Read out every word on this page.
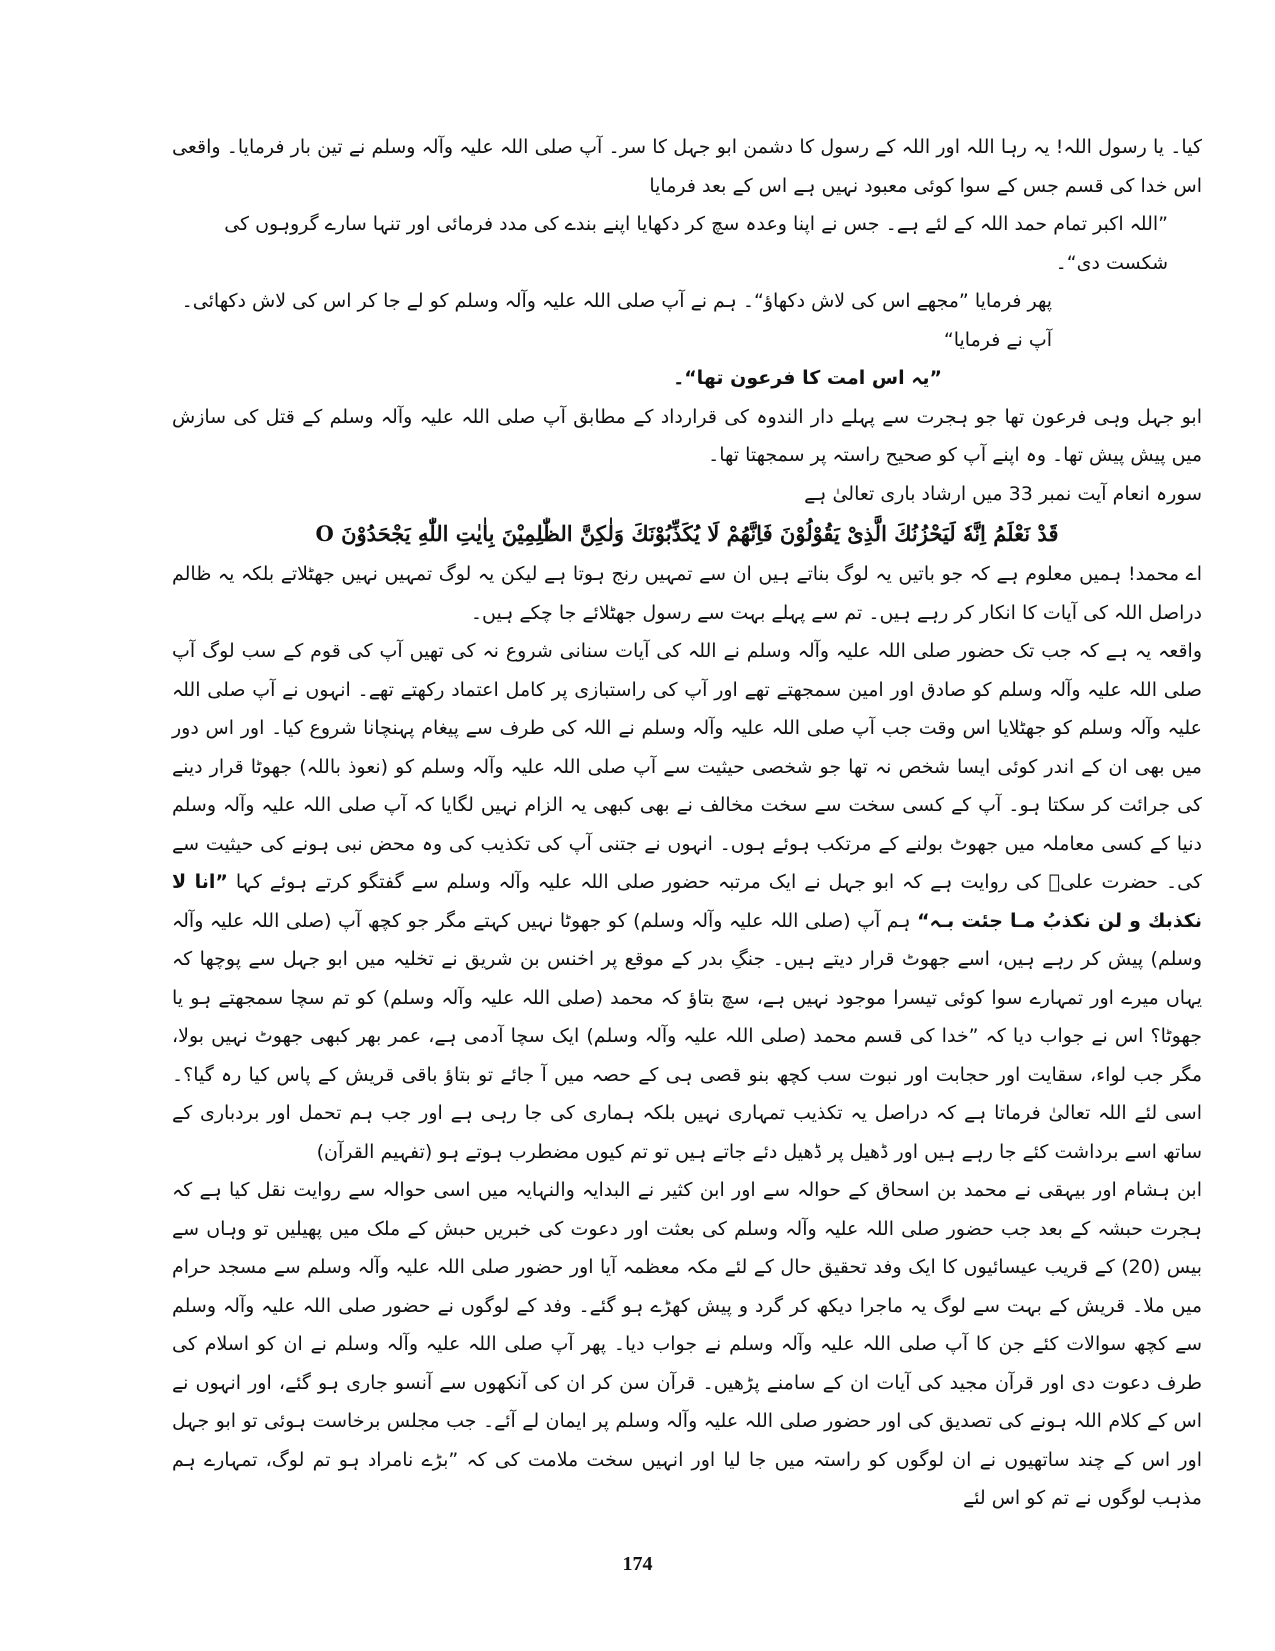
کیا۔ یا رسول اللہ! یہ رہا اللہ اور اللہ کے رسول کا دشمن ابو جہل کا سر۔ آپ صلی اللہ علیہ وآلہ وسلم نے تین بار فرمایا۔ واقعی اس خدا کی قسم جس کے سوا کوئی معبود نہیں ہے اس کے بعد فرمایا

”اللہ اکبر تمام حمد اللہ کے لئے ہے۔ جس نے اپنا وعدہ سچ کر دکھایا اپنے بندے کی مدد فرمائی اور تنہا سارے گروہوں کی شکست دی“۔

پھر فرمایا ”مجھے اس کی لاش دکھاؤ“۔ ہم نے آپ صلی اللہ علیہ وآلہ وسلم کو لے جا کر اس کی لاش دکھائی۔ آپ نے فرمایا“

”یہ اس امت کا فرعون تھا“۔

ابو جہل وہی فرعون تھا جو ہجرت سے پہلے دار الندوہ کی قرارداد کے مطابق آپ صلی اللہ علیہ وآلہ وسلم کے قتل کی سازش میں پیش پیش تھا۔ وہ اپنے آپ کو صحیح راستہ پر سمجھتا تھا۔

سورہ انعام آیت نمبر 33 میں ارشاد باری تعالیٰ ہے

قَدْ نَعْلَمُ اِنَّهٗ لَیَحْزُنُكَ الَّذِیْ یَقُوْلُوْنَ فَاِنَّهُمْ لَا یُكَذِّبُوْنَكَ وَلٰكِنَّ الظّٰلِمِیْنَ بِاٰیٰتِ اللّٰهِ یَجْحَدُوْنَ O

اے محمد! ہمیں معلوم ہے کہ جو باتیں یہ لوگ بناتے ہیں ان سے تمہیں رنج ہوتا ہے لیکن یہ لوگ تمہیں نہیں جھٹلاتے بلکہ یہ ظالم دراصل اللہ کی آیات کا انکار کر رہے ہیں۔ تم سے پہلے بہت سے رسول جھٹلائے جا چکے ہیں۔

واقعہ یہ ہے کہ جب تک حضور صلی اللہ علیہ وآلہ وسلم نے اللہ کی آیات سنانی شروع نہ کی تھیں آپ کی قوم کے سب لوگ آپ صلی اللہ علیہ وآلہ وسلم کو صادق اور امین سمجھتے تھے اور آپ کی راستبازی پر کامل اعتماد رکھتے تھے۔ انہوں نے آپ صلی اللہ علیہ وآلہ وسلم کو جھٹلایا اس وقت جب آپ صلی اللہ علیہ وآلہ وسلم نے اللہ کی طرف سے پیغام پہنچانا شروع کیا۔ اور اس دور میں بھی ان کے اندر کوئی ایسا شخص نہ تھا جو شخصی حیثیت سے آپ صلی اللہ علیہ وآلہ وسلم کو (نعوذ باللہ) جھوٹا قرار دینے کی جرائت کر سکتا ہو۔ آپ کے کسی سخت سے سخت مخالف نے بھی کبھی یہ الزام نہیں لگایا کہ آپ صلی اللہ علیہ وآلہ وسلم دنیا کے کسی معاملہ میں جھوٹ بولنے کے مرتکب ہوئے ہوں۔ انہوں نے جتنی آپ کی تکذیب کی وہ محض نبی ہونے کی حیثیت سے کی۔ حضرت علیؓ کی روایت ہے کہ ابو جہل نے ایک مرتبہ حضور صلی اللہ علیہ وآلہ وسلم سے گفتگو کرتے ہوئے کہا ”انا لا نکذبك و لن نکذبُ مـا جئت بـہ“ ہم آپ (صلی اللہ علیہ وآلہ وسلم) کو جھوٹا نہیں کہتے مگر جو کچھ آپ (صلی اللہ علیہ وآلہ وسلم) پیش کر رہے ہیں، اسے جھوٹ قرار دیتے ہیں۔ جنگِ بدر کے موقع پر اخنس بن شریق نے تخلیہ میں ابو جہل سے پوچھا کہ یہاں میرے اور تمہارے سوا کوئی تیسرا موجود نہیں ہے، سچ بتاؤ کہ محمد (صلی اللہ علیہ وآلہ وسلم) کو تم سچا سمجھتے ہو یا جھوٹا؟ اس نے جواب دیا کہ ”خدا کی قسم محمد (صلی اللہ علیہ وآلہ وسلم) ایک سچا آدمی ہے، عمر بھر کبھی جھوٹ نہیں بولا، مگر جب لواء، سقایت اور حجابت اور نبوت سب کچھ بنو قصی ہی کے حصہ میں آ جائے تو بتاؤ باقی قریش کے پاس کیا رہ گیا؟۔ اسی لئے اللہ تعالیٰ فرماتا ہے کہ دراصل یہ تکذیب تمہاری نہیں بلکہ ہماری کی جا رہی ہے اور جب ہم تحمل اور بردباری کے ساتھ اسے برداشت کئے جا رہے ہیں اور ڈھیل پر ڈھیل دئے جاتے ہیں تو تم کیوں مضطرب ہوتے ہو (تفہیم القرآن)

ابن ہشام اور بیہقی نے محمد بن اسحاق کے حوالہ سے اور ابن کثیر نے البدایہ والنہایہ میں اسی حوالہ سے روایت نقل کیا ہے کہ ہجرت حبشہ کے بعد جب حضور صلی اللہ علیہ وآلہ وسلم کی بعثت اور دعوت کی خبریں حبش کے ملک میں پھیلیں تو وہاں سے بیس (20) کے قریب عیسائیوں کا ایک وفد تحقیق حال کے لئے مکہ معظمہ آیا اور حضور صلی اللہ علیہ وآلہ وسلم سے مسجد حرام میں ملا۔ قریش کے بہت سے لوگ یہ ماجرا دیکھ کر گرد و پیش کھڑے ہو گئے۔ وفد کے لوگوں نے حضور صلی اللہ علیہ وآلہ وسلم سے کچھ سوالات کئے جن کا آپ صلی اللہ علیہ وآلہ وسلم نے جواب دیا۔ پھر آپ صلی اللہ علیہ وآلہ وسلم نے ان کو اسلام کی طرف دعوت دی اور قرآن مجید کی آیات ان کے سامنے پڑھیں۔ قرآن سن کر ان کی آنکھوں سے آنسو جاری ہو گئے، اور انہوں نے اس کے کلام اللہ ہونے کی تصدیق کی اور حضور صلی اللہ علیہ وآلہ وسلم پر ایمان لے آئے۔ جب مجلس برخاست ہوئی تو ابو جہل اور اس کے چند ساتھیوں نے ان لوگوں کو راستہ میں جا لیا اور انہیں سخت ملامت کی کہ ”بڑے نامراد ہو تم لوگ، تمہارے ہم مذہب لوگوں نے تم کو اس لئے

174
